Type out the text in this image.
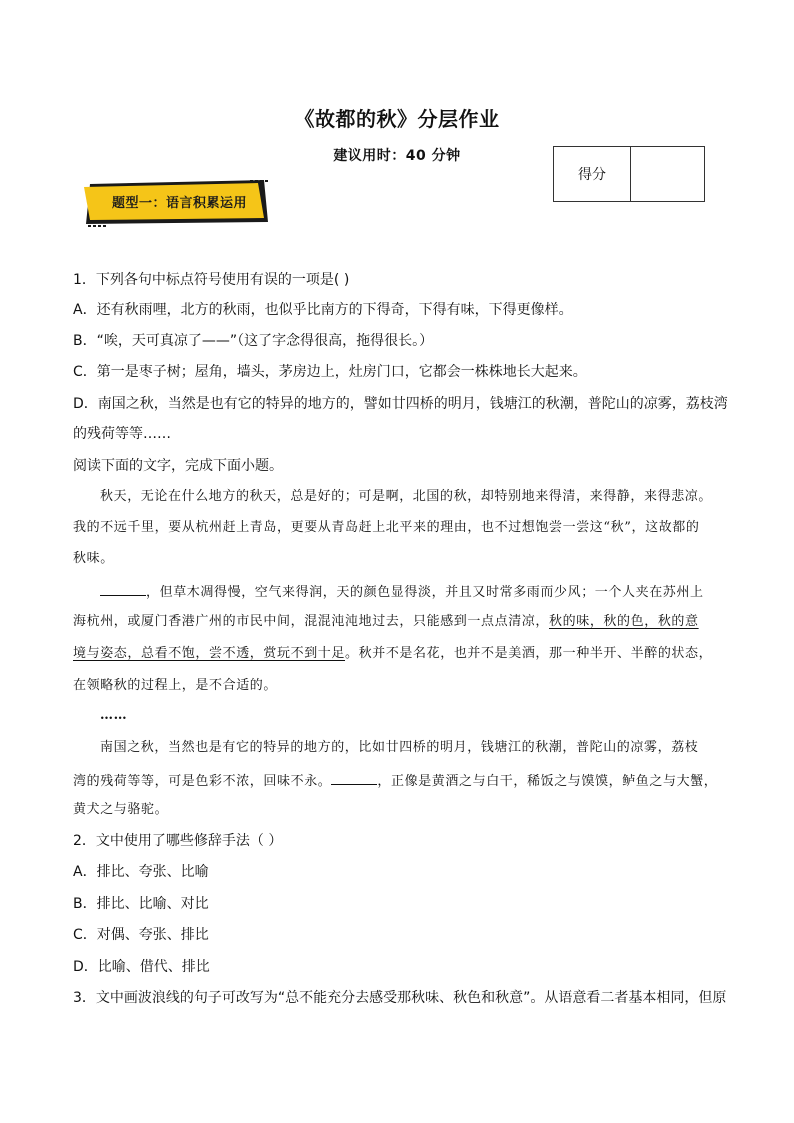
《故都的秋》分层作业
建议用时：40 分钟
得分
题型一：语言积累运用
1．下列各句中标点符号使用有误的一项是( )
A．还有秋雨哩，北方的秋雨，也似乎比南方的下得奇，下得有味，下得更像样。
B．“唉，天可真凉了——”（这了字念得很高，拖得很长。）
C．第一是枣子树；屋角，墙头，茅房边上，灶房门口，它都会一株株地长大起来。
D．南国之秋，当然是也有它的特异的地方的，譬如廿四桥的明月，钱塘江的秋潮，普陀山的凉雾，荔枝湾
的残荷等等……
阅读下面的文字，完成下面小题。
秋天，无论在什么地方的秋天，总是好的；可是啊，北国的秋，却特别地来得清，来得静，来得悲凉。
我的不远千里，要从杭州赶上青岛，更要从青岛赶上北平来的理由，也不过想饱尝一尝这“秋”，这故都的
秋味。
，但草木凋得慢，空气来得润，天的颜色显得淡，并且又时常多雨而少风；一个人夹在苏州上
海杭州，或厦门香港广州的市民中间，混混沌沌地过去，只能感到一点点清凉，秋的味，秋的色，秋的意
境与姿态，总看不饱，尝不透，赏玩不到十足。秋并不是名花，也并不是美酒，那一种半开、半醉的状态，
在领略秋的过程上，是不合适的。
……
南国之秋，当然也是有它的特异的地方的，比如廿四桥的明月，钱塘江的秋潮，普陀山的凉雾，荔枝
湾的残荷等等，可是色彩不浓，回味不永。	，正像是黄酒之与白干，稀饭之与馍馍，鲈鱼之与大蟹，
黄犬之与骆驼。
2．文中使用了哪些修辞手法（ ）
A．排比、夸张、比喻
B．排比、比喻、对比
C．对偶、夸张、排比
D．比喻、借代、排比
3．文中画波浪线的句子可改写为“总不能充分去感受那秋味、秋色和秋意”。从语意看二者基本相同，但原
